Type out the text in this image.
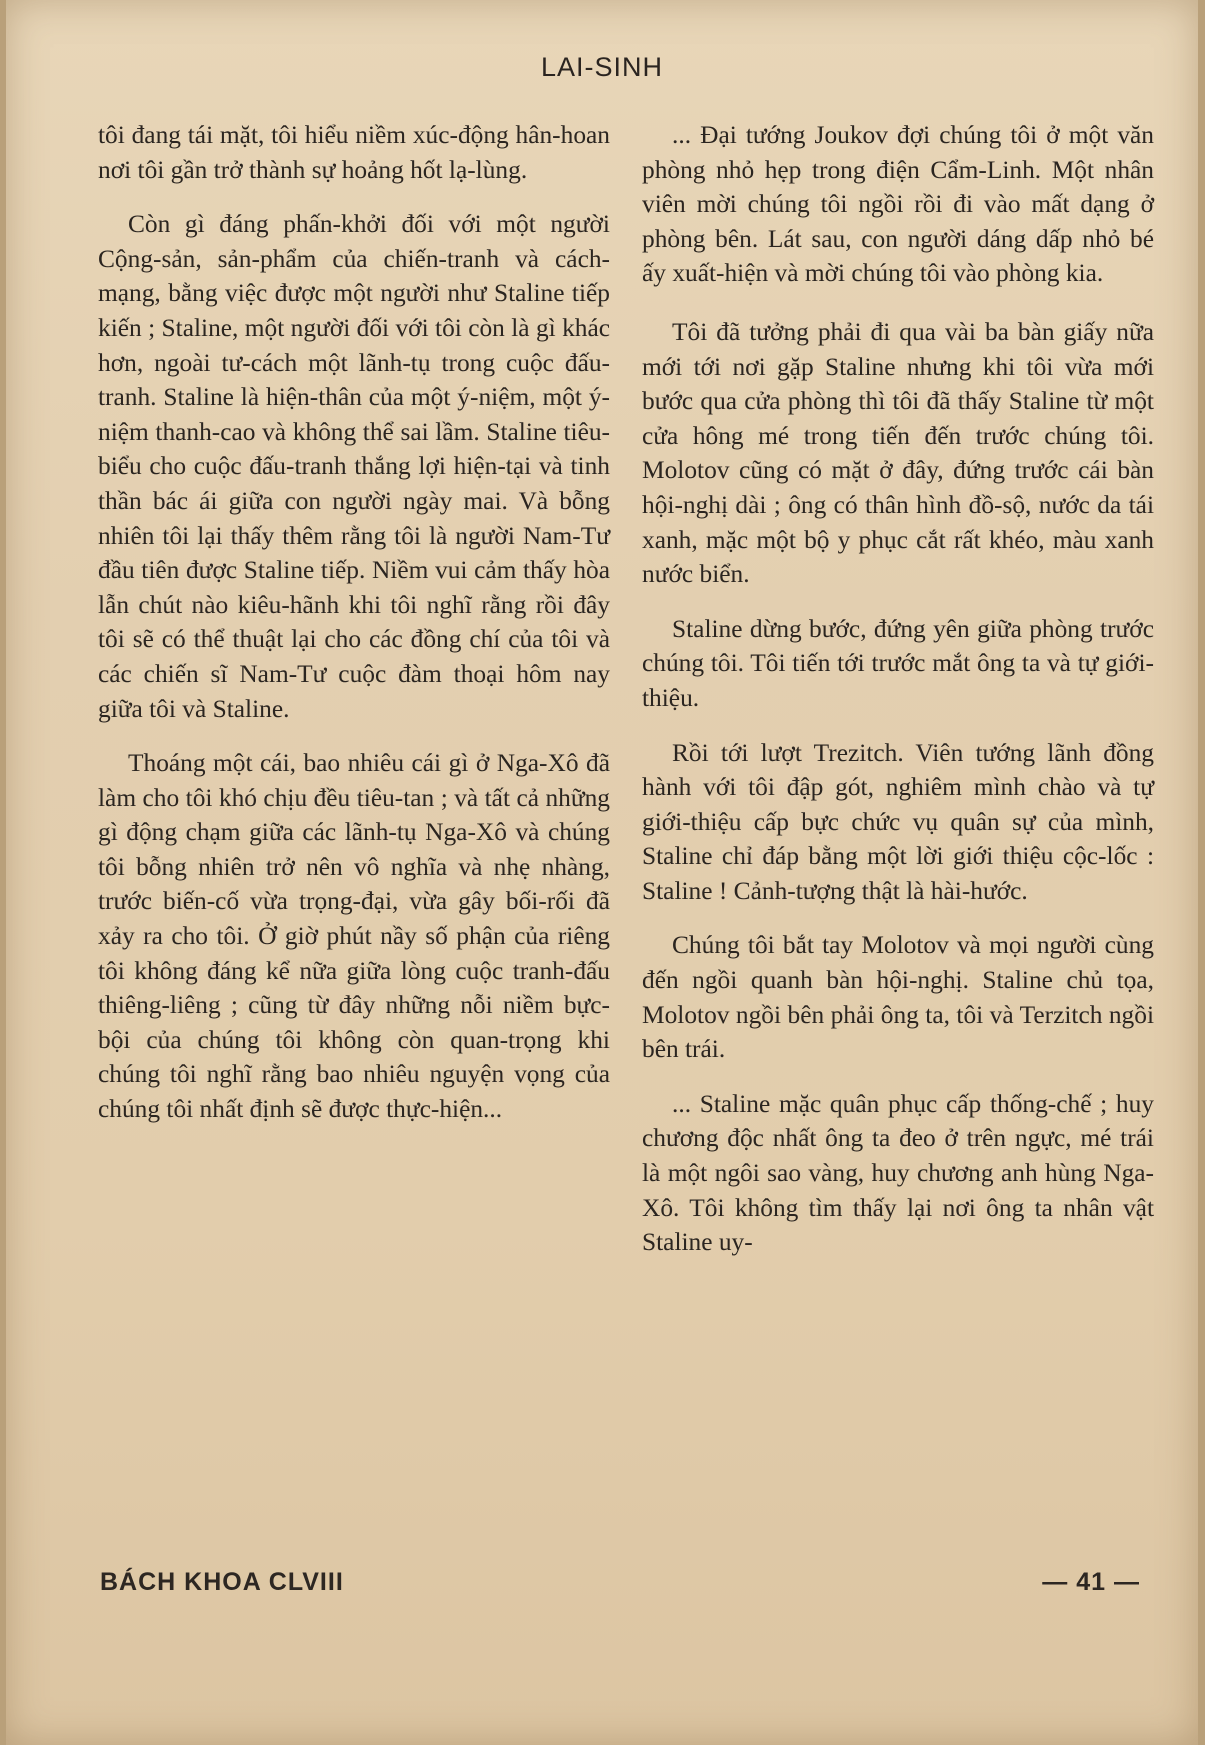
LAI-SINH

tôi đang tái mặt, tôi hiểu niềm xúc-động hân-hoan nơi tôi gần trở thành sự hoảng hốt lạ-lùng.

Còn gì đáng phấn-khởi đối với một người Cộng-sản, sản-phẩm của chiến-tranh và cách-mạng, bằng việc được một người như Staline tiếp kiến ; Staline, một người đối với tôi còn là gì khác hơn, ngoài tư-cách một lãnh-tụ trong cuộc đấu-tranh. Staline là hiện-thân của một ý-niệm, một ý-niệm thanh-cao và không thể sai lầm. Staline tiêu-biểu cho cuộc đấu-tranh thắng lợi hiện-tại và tinh thần bác ái giữa con người ngày mai. Và bỗng nhiên tôi lại thấy thêm rằng tôi là người Nam-Tư đầu tiên được Staline tiếp. Niềm vui cảm thấy hòa lẫn chút nào kiêu-hãnh khi tôi nghĩ rằng rồi đây tôi sẽ có thể thuật lại cho các đồng chí của tôi và các chiến sĩ Nam-Tư cuộc đàm thoại hôm nay giữa tôi và Staline.

Thoáng một cái, bao nhiêu cái gì ở Nga-Xô đã làm cho tôi khó chịu đều tiêu-tan ; và tất cả những gì động chạm giữa các lãnh-tụ Nga-Xô và chúng tôi bỗng nhiên trở nên vô nghĩa và nhẹ nhàng, trước biến-cố vừa trọng-đại, vừa gây bối-rối đã xảy ra cho tôi. Ở giờ phút nầy số phận của riêng tôi không đáng kể nữa giữa lòng cuộc tranh-đấu thiêng-liêng ; cũng từ đây những nỗi niềm bực-bội của chúng tôi không còn quan-trọng khi chúng tôi nghĩ rằng bao nhiêu nguyện vọng của chúng tôi nhất định sẽ được thực-hiện...

... Đại tướng Joukov đợi chúng tôi ở một văn phòng nhỏ hẹp trong điện Cẩm-Linh. Một nhân viên mời chúng tôi ngồi rồi đi vào mất dạng ở phòng bên. Lát sau, con người dáng dấp nhỏ bé ấy xuất-hiện và mời chúng tôi vào phòng kia.

Tôi đã tưởng phải đi qua vài ba bàn giấy nữa mới tới nơi gặp Staline nhưng khi tôi vừa mới bước qua cửa phòng thì tôi đã thấy Staline từ một cửa hông mé trong tiến đến trước chúng tôi. Molotov cũng có mặt ở đây, đứng trước cái bàn hội-nghị dài ; ông có thân hình đồ-sộ, nước da tái xanh, mặc một bộ y phục cắt rất khéo, màu xanh nước biển.

Staline dừng bước, đứng yên giữa phòng trước chúng tôi. Tôi tiến tới trước mắt ông ta và tự giới-thiệu.

Rồi tới lượt Trezitch. Viên tướng lãnh đồng hành với tôi đập gót, nghiêm mình chào và tự giới-thiệu cấp bực chức vụ quân sự của mình, Staline chỉ đáp bằng một lời giới thiệu cộc-lốc : Staline ! Cảnh-tượng thật là hài-hước.

Chúng tôi bắt tay Molotov và mọi người cùng đến ngồi quanh bàn hội-nghị. Staline chủ tọa, Molotov ngồi bên phải ông ta, tôi và Terzitch ngồi bên trái.

... Staline mặc quân phục cấp thống-chế ; huy chương độc nhất ông ta đeo ở trên ngực, mé trái là một ngôi sao vàng, huy chương anh hùng Nga-Xô. Tôi không tìm thấy lại nơi ông ta nhân vật Staline uy-

BÁCH KHOA CLVIII	— 41 —
